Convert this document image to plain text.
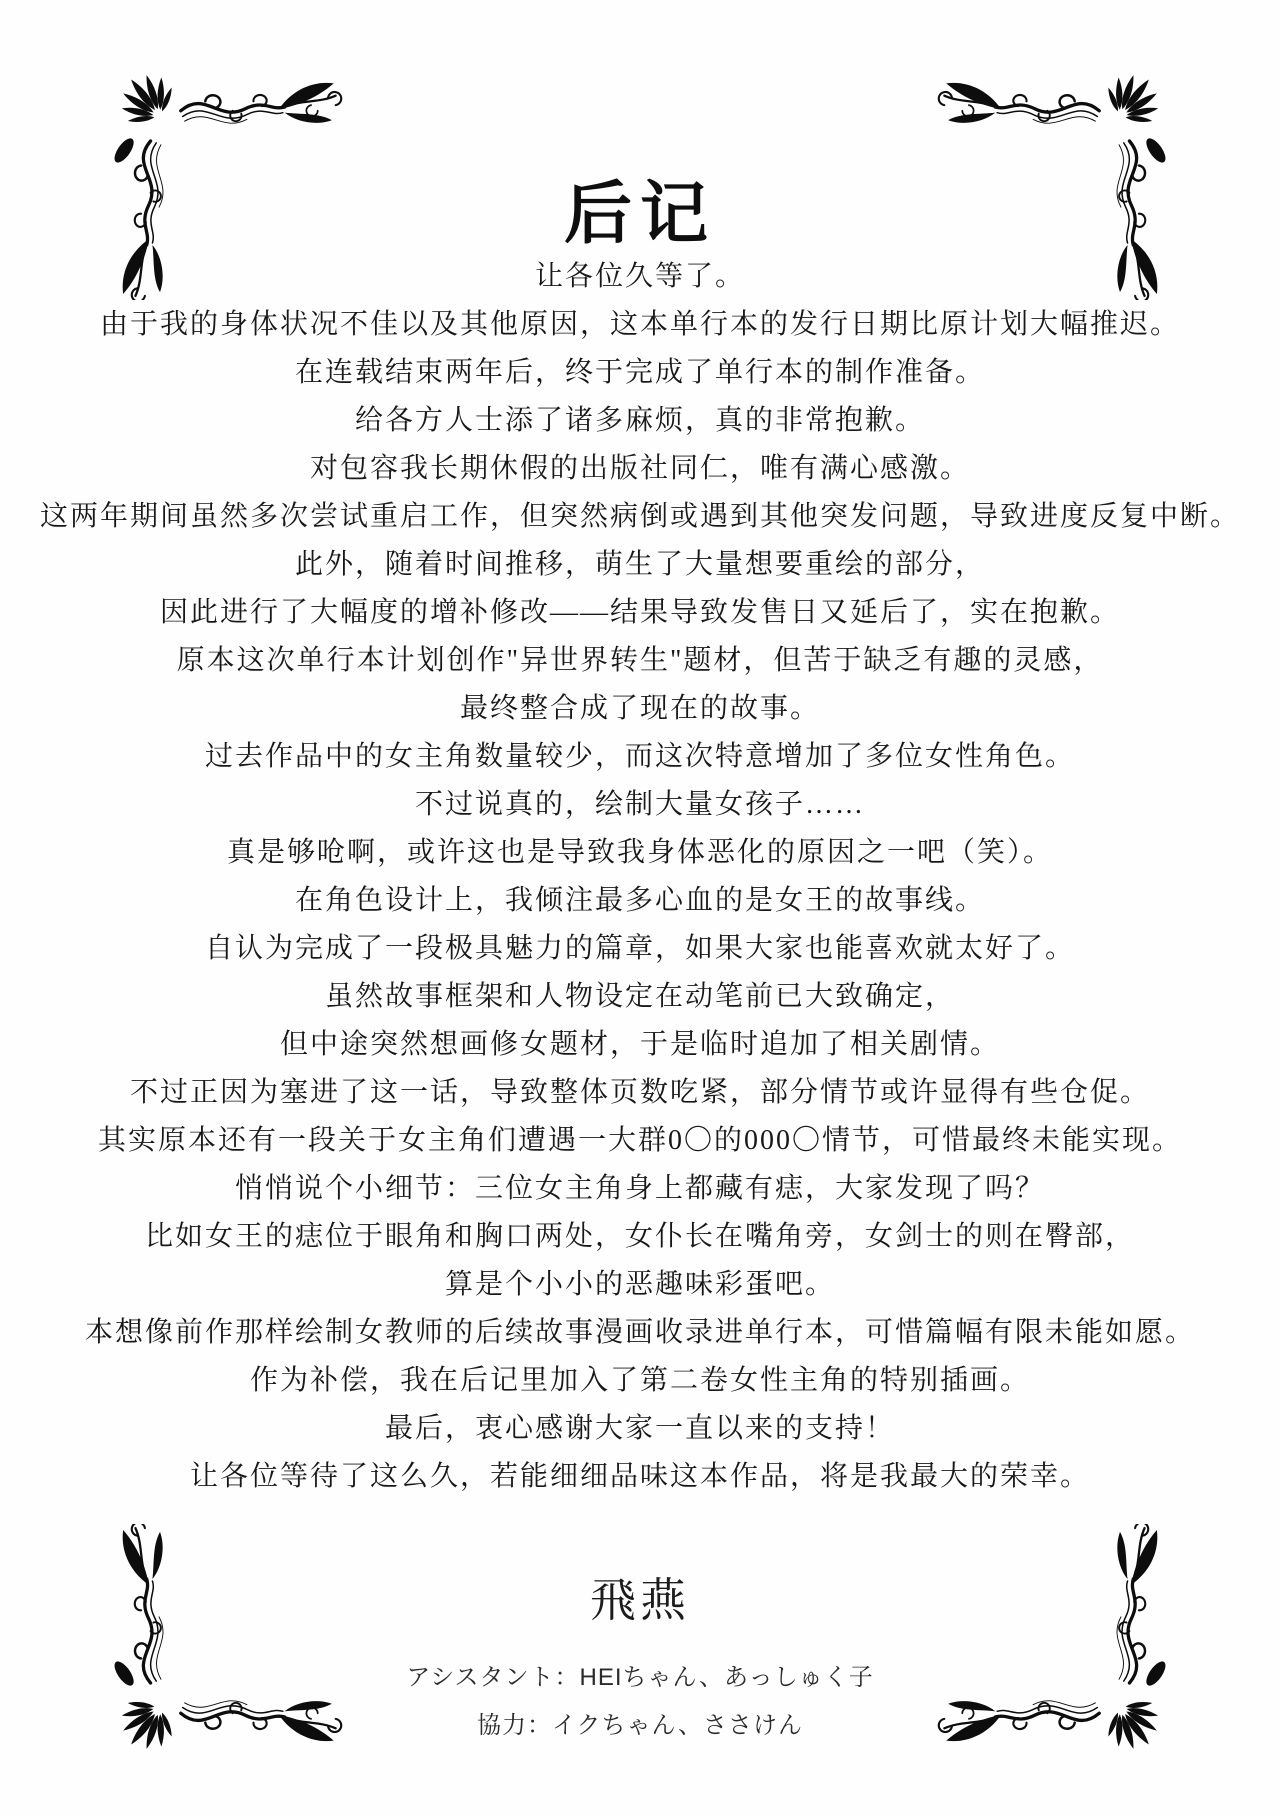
后记
让各位久等了。
由于我的身体状况不佳以及其他原因，这本单行本的发行日期比原计划大幅推迟。
在连载结束两年后，终于完成了单行本的制作准备。
给各方人士添了诸多麻烦，真的非常抱歉。
对包容我长期休假的出版社同仁，唯有满心感激。
这两年期间虽然多次尝试重启工作，但突然病倒或遇到其他突发问题，导致进度反复中断。
此外，随着时间推移，萌生了大量想要重绘的部分，
因此进行了大幅度的增补修改——结果导致发售日又延后了，实在抱歉。
原本这次单行本计划创作"异世界转生"题材，但苦于缺乏有趣的灵感，
最终整合成了现在的故事。
过去作品中的女主角数量较少，而这次特意增加了多位女性角色。
不过说真的，绘制大量女孩子……
真是够呛啊，或许这也是导致我身体恶化的原因之一吧（笑）。
在角色设计上，我倾注最多心血的是女王的故事线。
自认为完成了一段极具魅力的篇章，如果大家也能喜欢就太好了。
虽然故事框架和人物设定在动笔前已大致确定，
但中途突然想画修女题材，于是临时追加了相关剧情。
不过正因为塞进了这一话，导致整体页数吃紧，部分情节或许显得有些仓促。
其实原本还有一段关于女主角们遭遇一大群0〇的000〇情节，可惜最终未能实现。
悄悄说个小细节：三位女主角身上都藏有痣，大家发现了吗？
比如女王的痣位于眼角和胸口两处，女仆长在嘴角旁，女剑士的则在臀部，
算是个小小的恶趣味彩蛋吧。
本想像前作那样绘制女教师的后续故事漫画收录进单行本，可惜篇幅有限未能如愿。
作为补偿，我在后记里加入了第二卷女性主角的特别插画。
最后，衷心感谢大家一直以来的支持！
让各位等待了这么久，若能细细品味这本作品，将是我最大的荣幸。
飛燕
アシスタント：HEIちゃん、あっしゅく子
協力：イクちゃん、ささけん
